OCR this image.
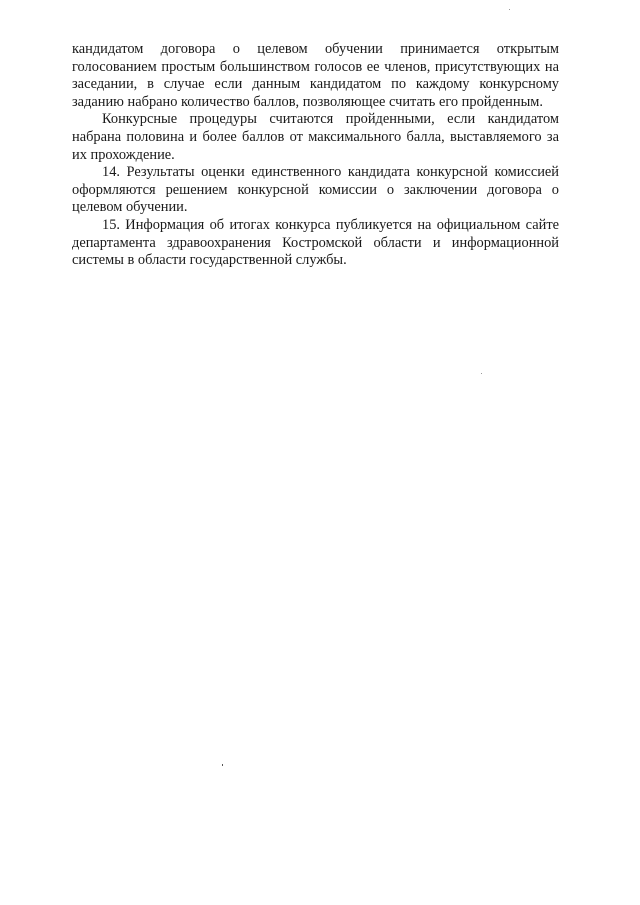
кандидатом договора о целевом обучении принимается открытым голосованием простым большинством голосов ее членов, присутствующих на заседании, в случае если данным кандидатом по каждому конкурсному заданию набрано количество баллов, позволяющее считать его пройденным.

Конкурсные процедуры считаются пройденными, если кандидатом набрана половина и более баллов от максимального балла, выставляемого за их прохождение.

14. Результаты оценки единственного кандидата конкурсной комиссией оформляются решением конкурсной комиссии о заключении договора о целевом обучении.

15. Информация об итогах конкурса публикуется на официальном сайте департамента здравоохранения Костромской области и информационной системы в области государственной службы.
